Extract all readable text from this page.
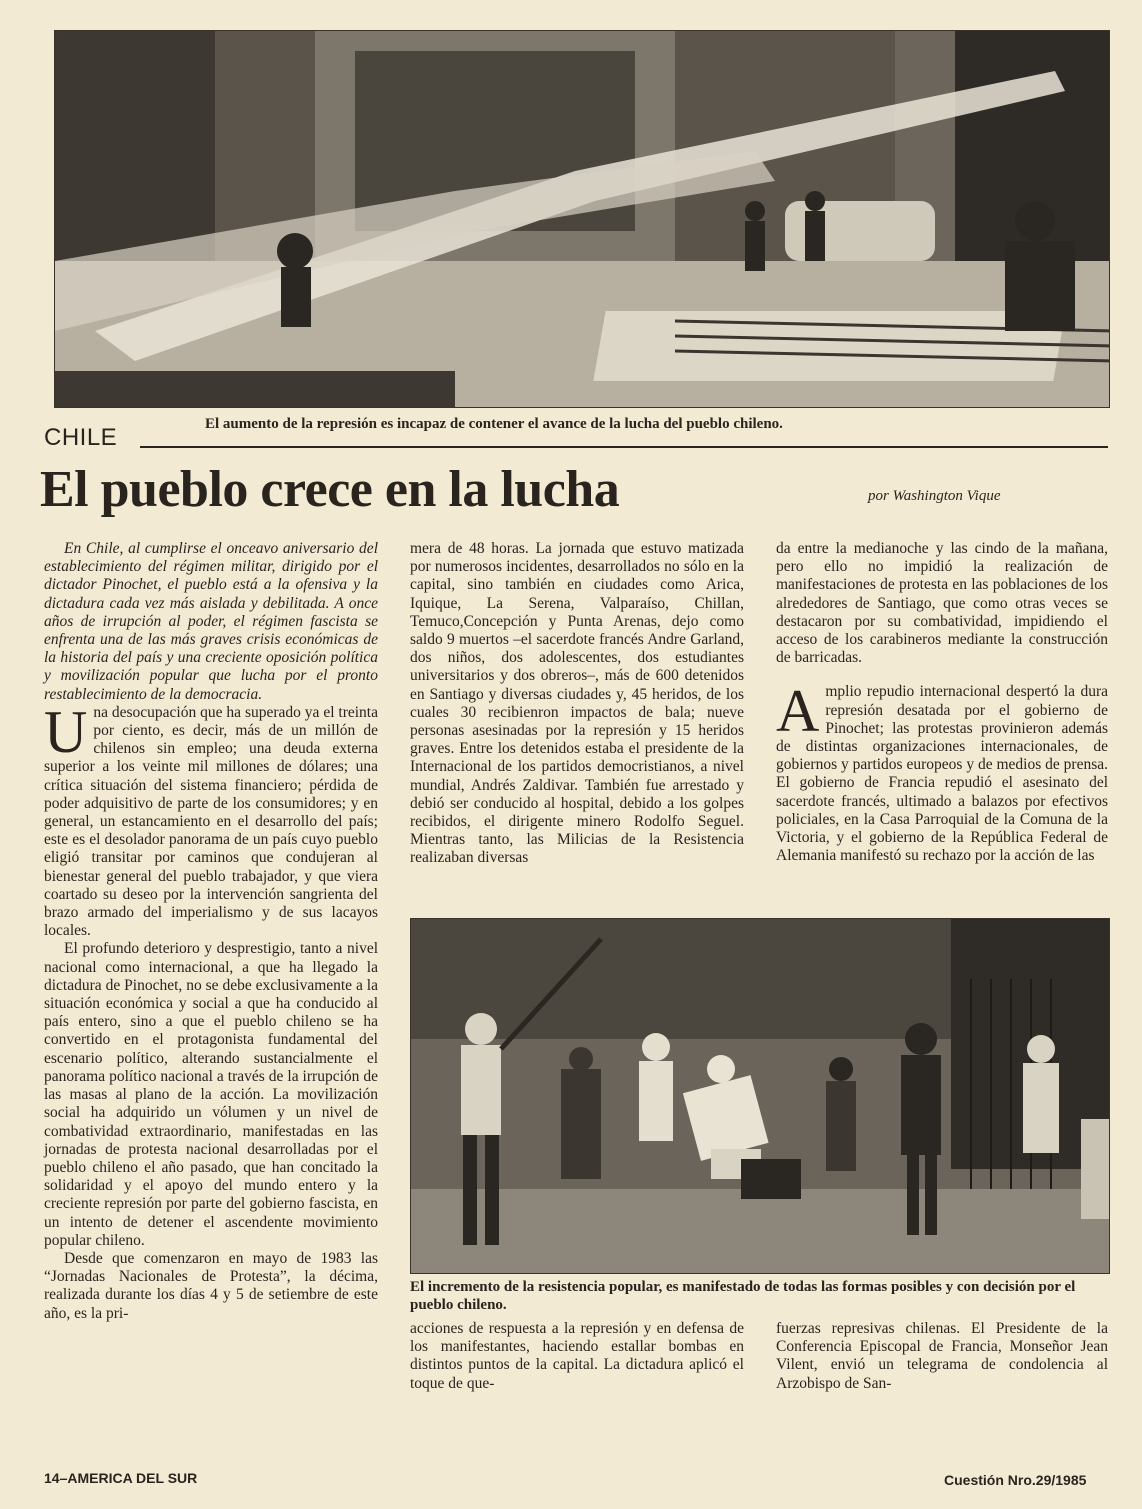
El aumento de la represión es incapaz de contener el avance de la lucha del pueblo chileno.
CHILE
El pueblo crece en la lucha	por Washington Vique

En Chile, al cumplirse el onceavo aniversario del establecimiento del régimen militar, dirigido por el dictador Pinochet, el pueblo está a la ofensiva y la dictadura cada vez más aislada y debilitada. A once años de irrupción al poder, el régimen fascista se enfrenta una de las más graves crisis económicas de la historia del país y una creciente oposición política y movilización popular que lucha por el pronto restablecimiento de la democracia.

Una desocupación que ha superado ya el treinta por ciento, es decir, más de un millón de chilenos sin empleo; una deuda externa superior a los veinte mil millones de dólares; una crítica situación del sistema financiero; pérdida de poder adquisitivo de parte de los consumidores; y en general, un estancamiento en el desarrollo del país; este es el desolador panorama de un país cuyo pueblo eligió transitar por caminos que condujeran al bienestar general del pueblo trabajador, y que viera coartado su deseo por la intervención sangrienta del brazo armado del imperialismo y de sus lacayos locales.

El profundo deterioro y desprestigio, tanto a nivel nacional como internacional, a que ha llegado la dictadura de Pinochet, no se debe exclusivamente a la situación económica y social a que ha conducido al país entero, sino a que el pueblo chileno se ha convertido en el protagonista fundamental del escenario político, alterando sustancialmente el panorama político nacional a través de la irrupción de las masas al plano de la acción. La movilización social ha adquirido un vólumen y un nivel de combatividad extraordinario, manifestadas en las jornadas de protesta nacional desarrolladas por el pueblo chileno el año pasado, que han concitado la solidaridad y el apoyo del mundo entero y la creciente represión por parte del gobierno fascista, en un intento de detener el ascendente movimiento popular chileno.

Desde que comenzaron en mayo de 1983 las “Jornadas Nacionales de Protesta”, la décima, realizada durante los días 4 y 5 de setiembre de este año, es la pri-

mera de 48 horas. La jornada que estuvo matizada por numerosos incidentes, desarrollados no sólo en la capital, sino también en ciudades como Arica, Iquique, La Serena, Valparaíso, Chillan, Temuco,Concepción y Punta Arenas, dejo como saldo 9 muertos –el sacerdote francés Andre Garland, dos niños, dos adolescentes, dos estudiantes universitarios y dos obreros–, más de 600 detenidos en Santiago y diversas ciudades y, 45 heridos, de los cuales 30 recibienron impactos de bala; nueve personas asesinadas por la represión y 15 heridos graves. Entre los detenidos estaba el presidente de la Internacional de los partidos democristianos, a nivel mundial, Andrés Zaldivar. También fue arrestado y debió ser conducido al hospital, debido a los golpes recibidos, el dirigente minero Rodolfo Seguel. Mientras tanto, las Milicias de la Resistencia realizaban diversas

da entre la medianoche y las cindo de la mañana, pero ello no impidió la realización de manifestaciones de protesta en las poblaciones de los alrededores de Santiago, que como otras veces se destacaron por su combatividad, impidiendo el acceso de los carabineros mediante la construcción de barricadas.

Amplio repudio internacional despertó la dura represión desatada por el gobierno de Pinochet; las protestas provinieron además de distintas organizaciones internacionales, de gobiernos y partidos europeos y de medios de prensa. El gobierno de Francia repudió el asesinato del sacerdote francés, ultimado a balazos por efectivos policiales, en la Casa Parroquial de la Comuna de la Victoria, y el gobierno de la República Federal de Alemania manifestó su rechazo por la acción de las

El incremento de la resistencia popular, es manifestado de todas las formas posibles y con decisión por el pueblo chileno.

acciones de respuesta a la represión y en defensa de los manifestantes, haciendo estallar bombas en distintos puntos de la capital. La dictadura aplicó el toque de que-

fuerzas represivas chilenas. El Presidente de la Conferencia Episcopal de Francia, Monseñor Jean Vilent, envió un telegrama de condolencia al Arzobispo de San-

14–AMERICA DEL SUR	Cuestión Nro.29/1985
